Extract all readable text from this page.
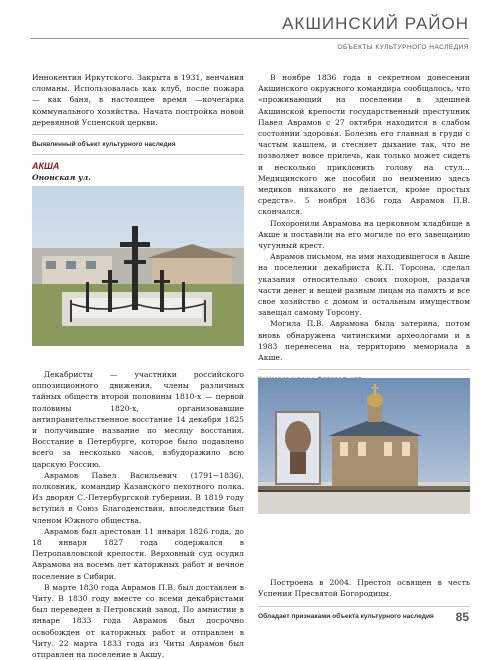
АКШИНСКИЙ РАЙОН
ОБЪЕКТЫ КУЛЬТУРНОГО НАСЛЕДИЯ

Иннокентия Иркутского. Закрыта в 1931, венчания сломаны. Использовалась как клуб, после пожара — как баня, в настоящее время —кочегарка коммунального хозяйства. Начата постройка новой деревянной Успенской церкви.

Выявленный объект культурного наследия
АКША
Ононская ул.

Декабристы — участники российского оппозиционного движения, члены различных тайных обществ второй половины 1810-х — первой половины 1820-х, организовавшие антиправительственное восстание 14 декабря 1825 и получившие название по месяцу восстания. Восстание в Петербурге, которое было подавлено всего за несколько часов, взбудоражило всю царскую Россию.

Аврамов Павел Васильевич (1791−1836), полковник, командир Казанского пехотного полка. Из дворян С.-Петербургской губернии. В 1819 году вступил в Союз Благоденствия, впоследствии был членом Южного общества.

Аврамов был арестован 11 января 1826 года, до 18 января 1827 года содержался в Петропавловской крепости. Верховный суд осудил Аврамова на восемь лет каторжных работ и вечное поселение в Сибири.

В марте 1830 года Аврамов П.В. был доставлен в Читу. В 1830 году вместе со всеми декабристами был переведен в Петровский завод. По амнистии в январе 1833 года Аврамов был досрочно освобожден от каторжных работ и отправлен в Читу. 22 марта 1833 года из Читы Аврамов был отправлен на поселение в Акшу.

В ноябре 1836 года в секретном донесении Акшинского окружного командира сообщалось, что «проживающий на поселении в здешней Акшинской крепости государственный преступник Павел Аврамов с 27 октября находится в слабом состоянии здоровья. Болезнь его главная в груди с частым кашлем, и стесняет дыхание так, что не позволяет вовсе прилечь, как только может сидеть и несколько приклонить голову на стул… Медицинского же пособия по неимению здесь медиков никакого не делается, кроме простых средств». 5 ноября 1836 года Аврамов П.В. скончался.

Похоронили Аврамова на церковном кладбище в Акше и поставили на его могиле по его завещанию чугунный крест.

Аврамов письмом, на имя находившегося в Акше на поселении декабриста К.П. Торсона, сделал указания относительно своих похорон, раздачи части денег и вещей разным лицам на память и все свое хозяйство с домом и остальным имуществом завещал самому Торсону.

Могила П.В. Аврамова была затеряна, потом вновь обнаружена читинскими археологами и в 1983 перенесена на территорию мемориала в Акше.

Построена в 2004. Престол освящен в честь Успения Пресвятой Богородицы.

Обладает признаками объекта культурного наследия	85
